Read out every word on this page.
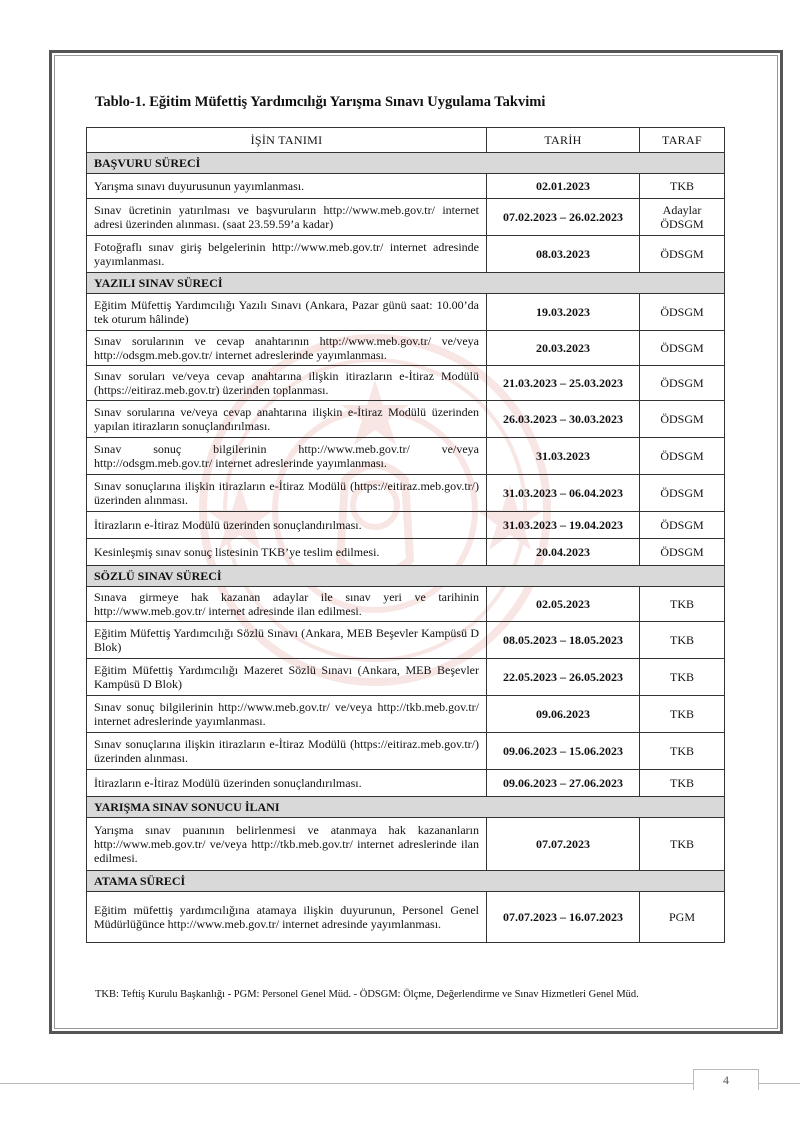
Tablo-1. Eğitim Müfettiş Yardımcılığı Yarışma Sınavı Uygulama Takvimi
İŞİN TANIMI	TARİH	TARAF
BAŞVURU SÜRECİ		
Yarışma sınavı duyurusunun yayımlanması.	02.01.2023	TKB
Sınav ücretinin yatırılması ve başvuruların http://www.meb.gov.tr/ internet adresi üzerinden alınması. (saat 23.59.59’a kadar)	07.02.2023 – 26.02.2023	Adaylar ÖDSGM
Fotoğraflı sınav giriş belgelerinin http://www.meb.gov.tr/ internet adresinde yayımlanması.	08.03.2023	ÖDSGM
YAZILI SINAV SÜRECİ		
Eğitim Müfettiş Yardımcılığı Yazılı Sınavı (Ankara, Pazar günü saat: 10.00’da tek oturum hâlinde)	19.03.2023	ÖDSGM
Sınav sorularının ve cevap anahtarının http://www.meb.gov.tr/ ve/veya http://odsgm.meb.gov.tr/ internet adreslerinde yayımlanması.	20.03.2023	ÖDSGM
Sınav soruları ve/veya cevap anahtarına ilişkin itirazların e-İtiraz Modülü (https://eitiraz.meb.gov.tr) üzerinden toplanması.	21.03.2023 – 25.03.2023	ÖDSGM
Sınav sorularına ve/veya cevap anahtarına ilişkin e-İtiraz Modülü üzerinden yapılan itirazların sonuçlandırılması.	26.03.2023 – 30.03.2023	ÖDSGM
Sınav sonuç bilgilerinin http://www.meb.gov.tr/ ve/veya http://odsgm.meb.gov.tr/ internet adreslerinde yayımlanması.	31.03.2023	ÖDSGM
Sınav sonuçlarına ilişkin itirazların e-İtiraz Modülü (https://eitiraz.meb.gov.tr/) üzerinden alınması.	31.03.2023 – 06.04.2023	ÖDSGM
İtirazların e-İtiraz Modülü üzerinden sonuçlandırılması.	31.03.2023 – 19.04.2023	ÖDSGM
Kesinleşmiş sınav sonuç listesinin TKB’ye teslim edilmesi.	20.04.2023	ÖDSGM
SÖZLÜ SINAV SÜRECİ		
Sınava girmeye hak kazanan adaylar ile sınav yeri ve tarihinin http://www.meb.gov.tr/ internet adresinde ilan edilmesi.	02.05.2023	TKB
Eğitim Müfettiş Yardımcılığı Sözlü Sınavı (Ankara, MEB Beşevler Kampüsü D Blok)	08.05.2023 – 18.05.2023	TKB
Eğitim Müfettiş Yardımcılığı Mazeret Sözlü Sınavı (Ankara, MEB Beşevler Kampüsü D Blok)	22.05.2023 – 26.05.2023	TKB
Sınav sonuç bilgilerinin http://www.meb.gov.tr/ ve/veya http://tkb.meb.gov.tr/ internet adreslerinde yayımlanması.	09.06.2023	TKB
Sınav sonuçlarına ilişkin itirazların e-İtiraz Modülü (https://eitiraz.meb.gov.tr/) üzerinden alınması.	09.06.2023 – 15.06.2023	TKB
İtirazların e-İtiraz Modülü üzerinden sonuçlandırılması.	09.06.2023 – 27.06.2023	TKB
YARIŞMA SINAV SONUCU İLANI		
Yarışma sınav puanının belirlenmesi ve atanmaya hak kazananların http://www.meb.gov.tr/ ve/veya http://tkb.meb.gov.tr/ internet adreslerinde ilan edilmesi.	07.07.2023	TKB
ATAMA SÜRECİ		
Eğitim müfettiş yardımcılığına atamaya ilişkin duyurunun, Personel Genel Müdürlüğünce http://www.meb.gov.tr/ internet adresinde yayımlanması.	07.07.2023 – 16.07.2023	PGM
TKB: Teftiş Kurulu Başkanlığı - PGM: Personel Genel Müd. - ÖDSGM: Ölçme, Değerlendirme ve Sınav Hizmetleri Genel Müd.
4
